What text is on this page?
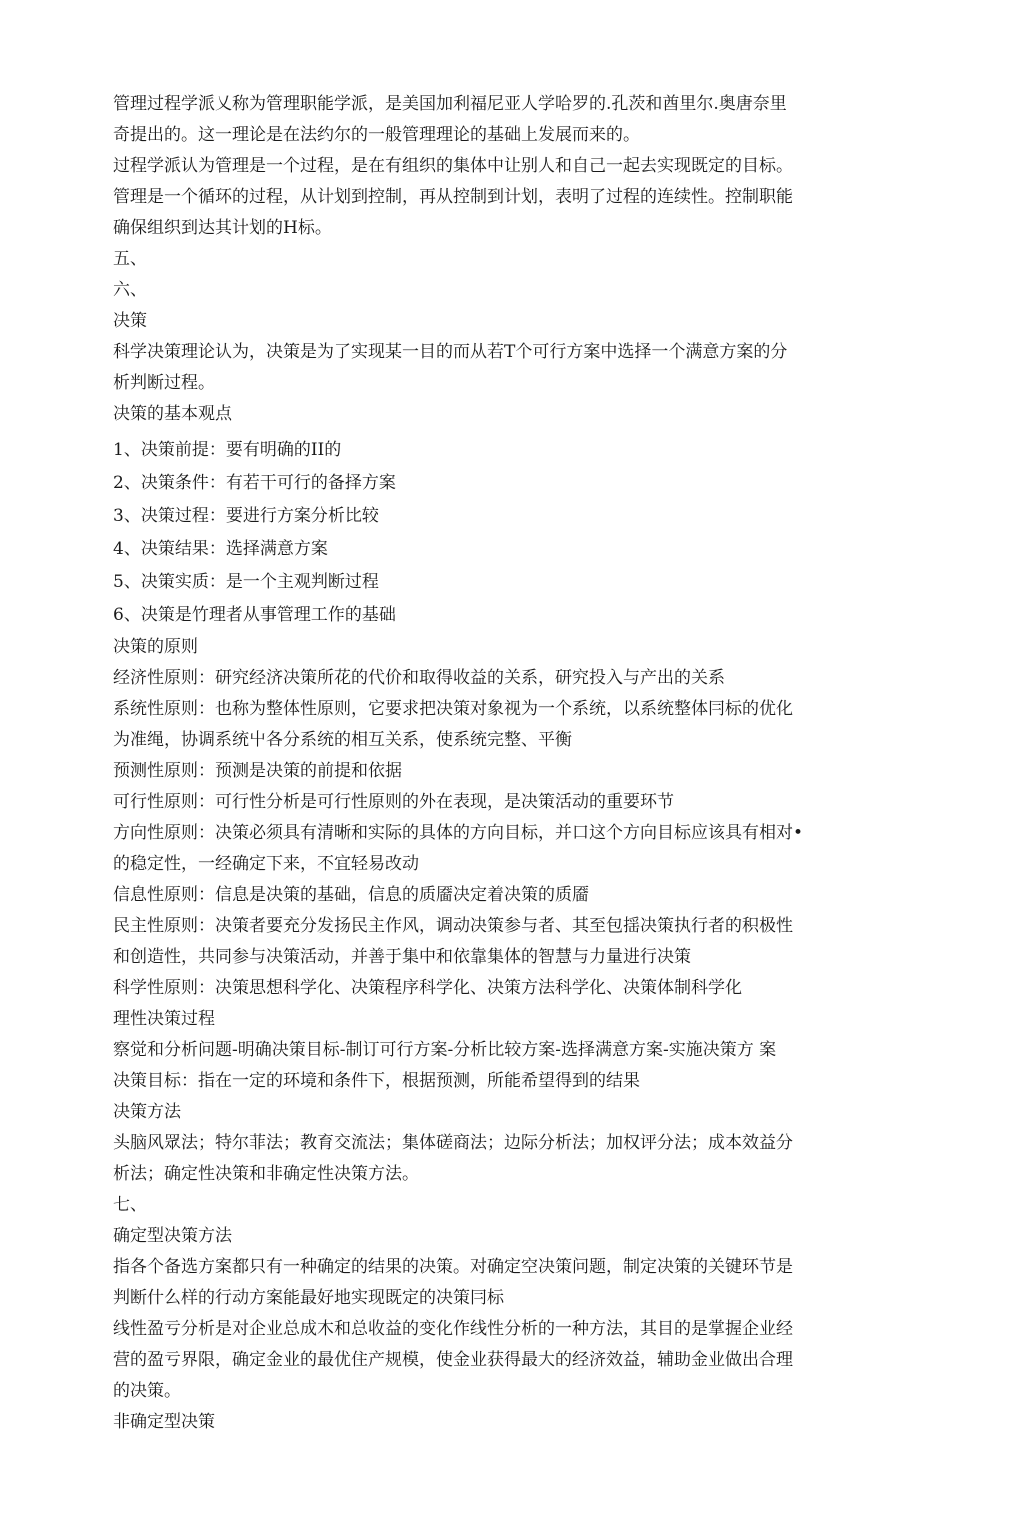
管理过程学派乂称为管理职能学派，是美国加利福尼亚人学哈罗的.孔茨和酋里尔.奥唐奈里
奇提出的。这一理论是在法约尔的一般管理理论的基础上发展而来的。
过程学派认为管理是一个过程，是在有组织的集体中让别人和自己一起去实现既定的目标。
管理是一个循环的过程，从计划到控制，再从控制到计划，表明了过程的连续性。控制职能
确保组织到达其计划的H标。
五、
六、
决策
科学决策理论认为，决策是为了实现某一目的而从若T个可行方案中选择一个满意方案的分
析判断过程。
决策的基本观点
1、决策前提：要有明确的II的
2、决策条件：有若干可行的备择方案
3、决策过程：要进行方案分析比较
4、决策结果：选择满意方案
5、决策实质：是一个主观判断过程
6、决策是竹理者从事管理工作的基础
决策的原则
经济性原则：研究经济决策所花的代价和取得收益的关系，研究投入与产出的关系
系统性原则：也称为整体性原则，它要求把决策对象视为一个系统，以系统整体冃标的优化
为准绳，协调系统屮各分系统的相互关系，使系统完整、平衡
预测性原则：预测是决策的前提和依据
可行性原则：可行性分析是可行性原则的外在表现，是决策活动的重要环节
方向性原则：决策必须具有清晰和实际的具体的方向目标，并口这个方向目标应该具有相对•
的稳定性，一经确定下来，不宜轻易改动
信息性原则：信息是决策的基础，信息的质靥决定着决策的质靥
民主性原则：决策者要充分发扬民主作风，调动决策参与者、其至包揺决策执行者的积极性
和创造性，共同参与决策活动，并善于集中和依靠集体的智慧与力量进行决策
科学性原则：决策思想科学化、决策程序科学化、决策方法科学化、决策体制科学化
理性决策过程
察觉和分析问题-明确决策目标-制订可行方案-分析比较方案-选择满意方案-实施决策方 案
决策目标：指在一定的环境和条件下，根据预测，所能希望得到的结果
决策方法
头脑风眾法；特尔菲法；教育交流法；集体磋商法；边际分析法；加权评分法；成本效益分
析法；确定性决策和非确定性决策方法。
七、
确定型决策方法
指各个备选方案都只有一种确定的结果的决策。对确定空决策问题，制定决策的关键环节是
判断什么样的行动方案能最好地实现既定的决策冃标
线性盈亏分析是对企业总成木和总收益的变化作线性分析的一种方法，其目的是掌握企业经
营的盈亏界限，确定金业的最优住产规模，使金业获得最大的经济效益，辅助金业做出合理
的决策。
非确定型决策
